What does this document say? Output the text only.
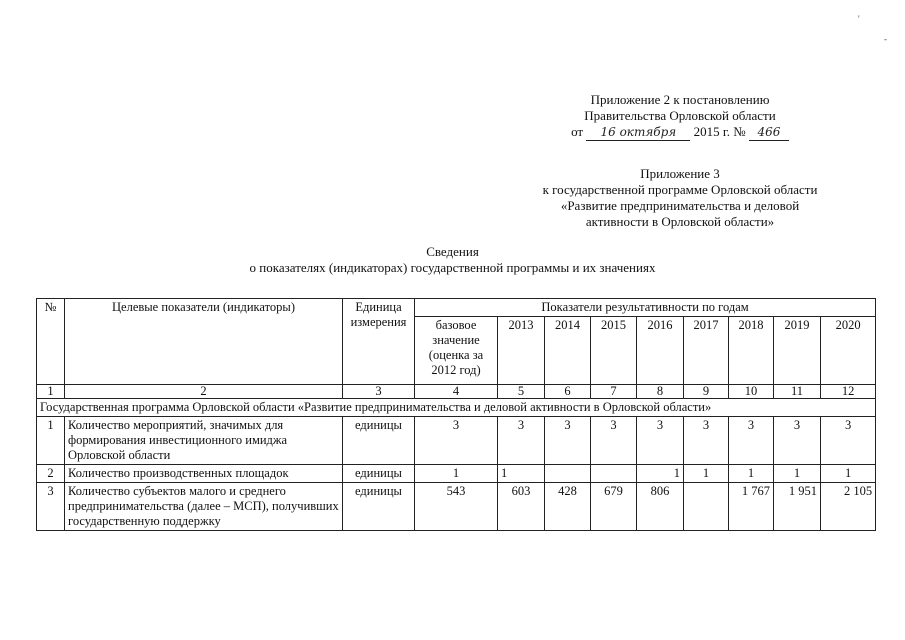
'
-
Приложение 2 к постановлению
Правительства Орловской области
от 16 октября 2015 г. № 466
Приложение 3
к государственной программе Орловской области
«Развитие предпринимательства и деловой
активности в Орловской области»
Сведения
о показателях (индикаторах) государственной программы и их значениях
№	Целевые показатели (индикаторы)	Единица измерения	Показатели результативности по годам								
			базовое значение (оценка за 2012 год)	2013	2014	2015	2016	2017	2018	2019	2020
1	2	3	4	5	6	7	8	9	10	11	12
Государственная программа Орловской области «Развитие предпринимательства и деловой активности в Орловской области»											
1	Количество мероприятий, значимых для формирования инвестиционного имиджа Орловской области	единицы	3	3	3	3	3	3	3	3	3
2	Количество производственных площадок	единицы	1	1			1	1	1	1	1
3	Количество субъектов малого и среднего предпринимательства (далее – МСП), получивших государственную поддержку	единицы	543	603	428	679	806		1 767	1 951	2 105
